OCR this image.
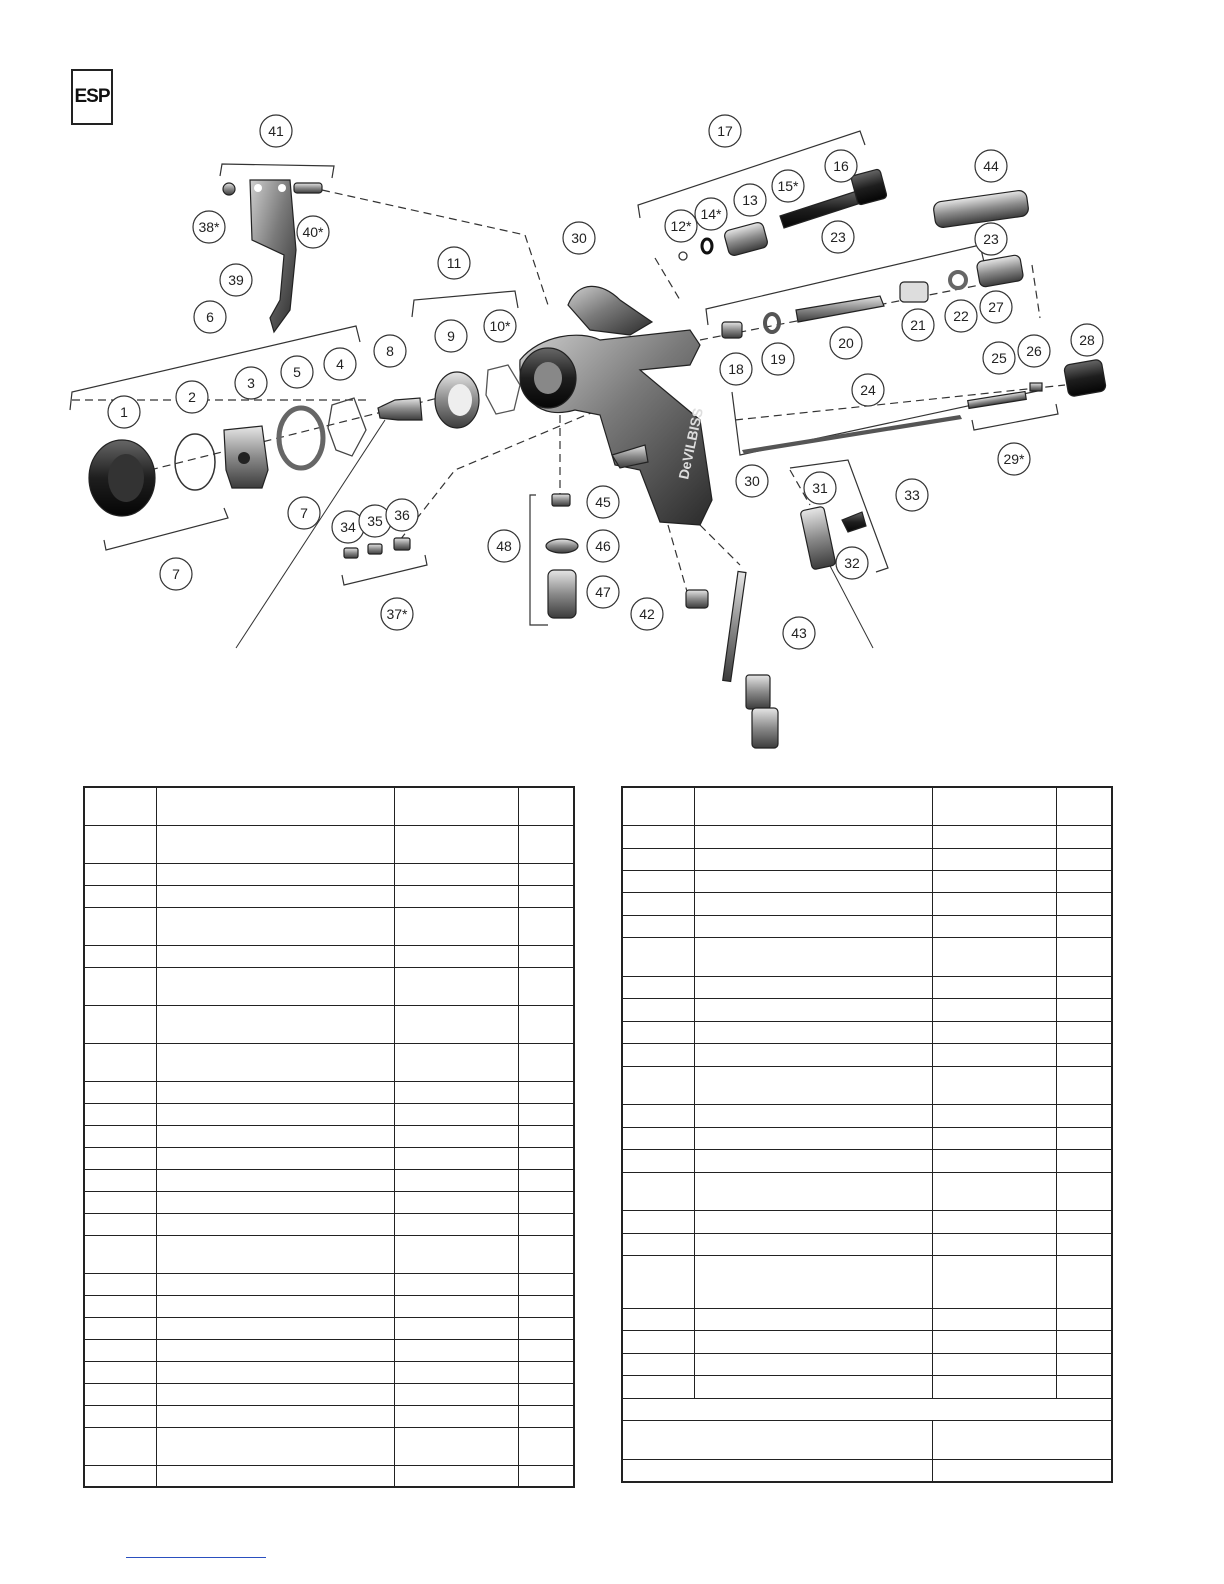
ESP
DeVILBISS
41
38*	40*
39
6
1
2
3
5	4
7
7
8
11
9
10*
30
30
34 35 36
37*
45
46
47
48
17
16
15*
13
14*
12*
44
23	23
27
22
21
20
19
18
28
26
25
24
29*
31	33
32
42
43
